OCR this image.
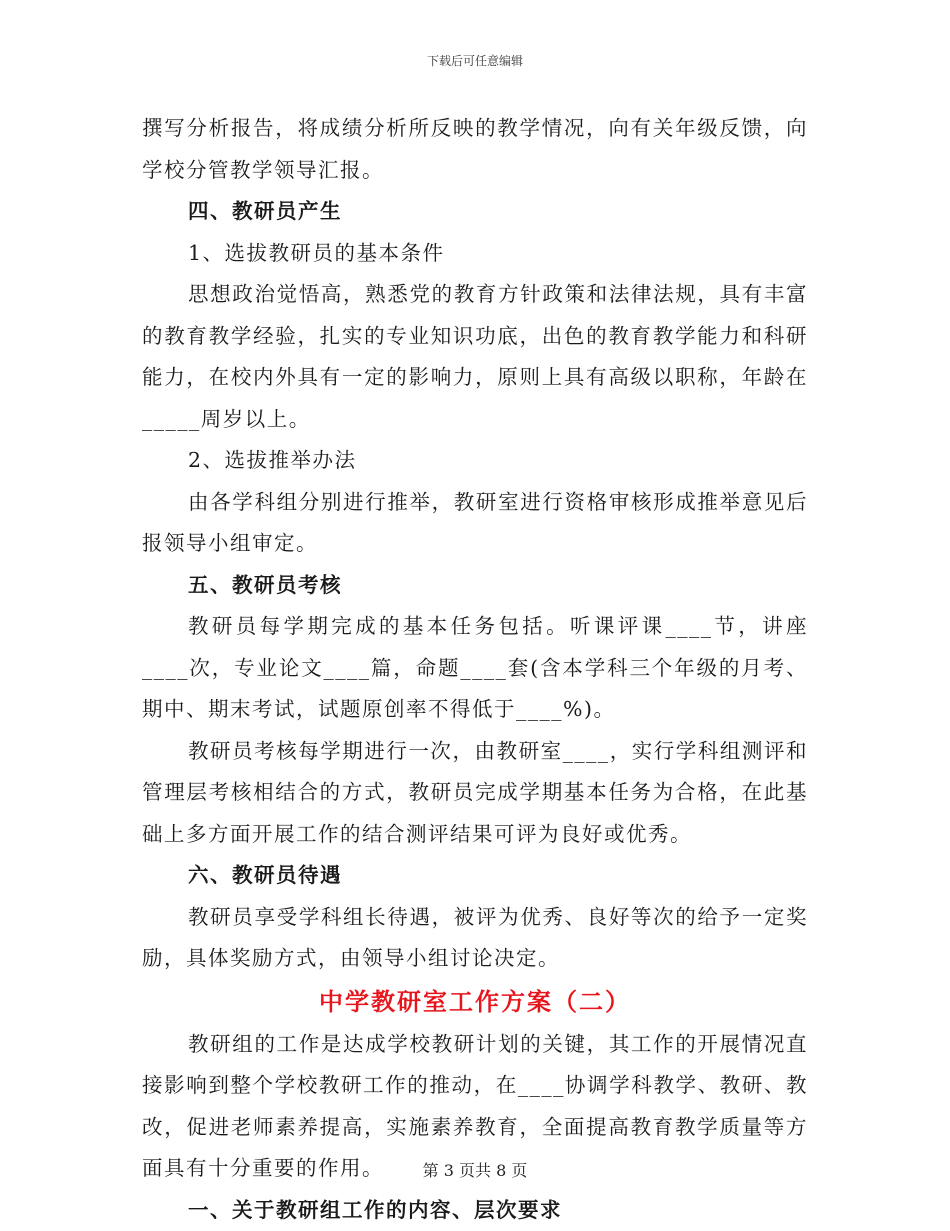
下载后可任意编辑

撰写分析报告，将成绩分析所反映的教学情况，向有关年级反馈，向学校分管教学领导汇报。

四、教研员产生

1、选拔教研员的基本条件

思想政治觉悟高，熟悉党的教育方针政策和法律法规，具有丰富的教育教学经验，扎实的专业知识功底，出色的教育教学能力和科研能力，在校内外具有一定的影响力，原则上具有高级以职称，年龄在_____周岁以上。

2、选拔推举办法

由各学科组分别进行推举，教研室进行资格审核形成推举意见后报领导小组审定。

五、教研员考核

教研员每学期完成的基本任务包括。听课评课____节，讲座____次，专业论文____篇，命题____套(含本学科三个年级的月考、期中、期末考试，试题原创率不得低于____%)。

教研员考核每学期进行一次，由教研室____，实行学科组测评和管理层考核相结合的方式，教研员完成学期基本任务为合格，在此基础上多方面开展工作的结合测评结果可评为良好或优秀。

六、教研员待遇

教研员享受学科组长待遇，被评为优秀、良好等次的给予一定奖励，具体奖励方式，由领导小组讨论决定。

中学教研室工作方案（二）

教研组的工作是达成学校教研计划的关键，其工作的开展情况直接影响到整个学校教研工作的推动，在____协调学科教学、教研、教改，促进老师素养提高，实施素养教育，全面提高教育教学质量等方面具有十分重要的作用。

一、关于教研组工作的内容、层次要求

第 3 页共 8 页
